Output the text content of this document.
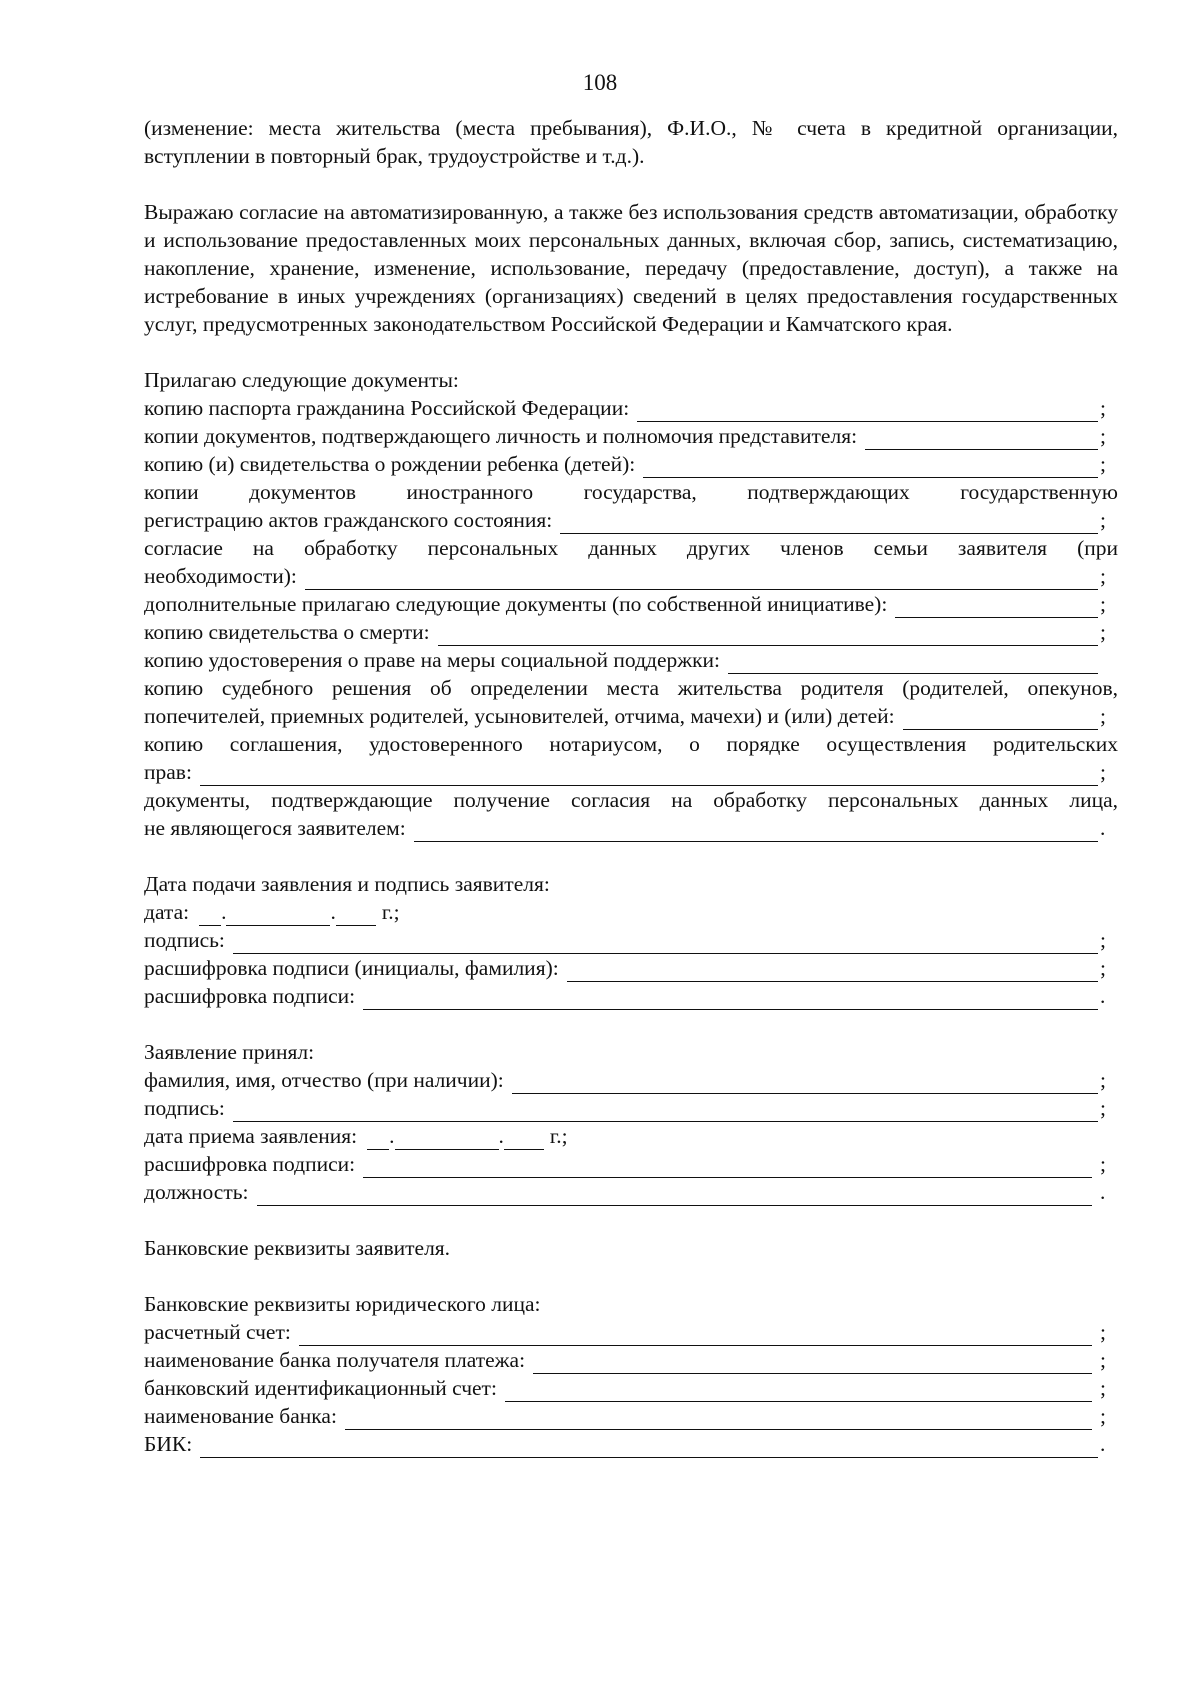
108

(изменение: места жительства (места пребывания), Ф.И.О., № счета в кредитной организации, вступлении в повторный брак, трудоустройстве и т.д.).

Выражаю согласие на автоматизированную, а также без использования средств автоматизации, обработку и использование предоставленных моих персональных данных, включая сбор, запись, систематизацию, накопление, хранение, изменение, использование, передачу (предоставление, доступ), а также на истребование в иных учреждениях (организациях) сведений в целях предоставления государственных услуг, предусмотренных законодательством Российской Федерации и Камчатского края.

Прилагаю следующие документы:

копию паспорта гражданина Российской Федерации:	;
копии документов, подтверждающего личность и полномочия представителя:	;
копию (и) свидетельства о рождении ребенка (детей):	;

копии документов иностранного государства, подтверждающих государственную

регистрацию актов гражданского состояния:	;

согласие на обработку персональных данных других членов семьи заявителя (при

необходимости):	;
дополнительные прилагаю следующие документы (по собственной инициативе):	;
копию свидетельства о смерти:	;
копию удостоверения о праве на меры социальной поддержки:

копию судебного решения об определении места жительства родителя (родителей, опекунов,

попечителей, приемных родителей, усыновителей, отчима, мачехи) и (или) детей:	;

копию соглашения, удостоверенного нотариусом, о порядке осуществления родительских

прав:	;

документы, подтверждающие получение согласия на обработку персональных данных лица,

не являющегося заявителем:	.

Дата подачи заявления и подпись заявителя:

дата: .	. г.;
подпись:	;
расшифровка подписи (инициалы, фамилия):	;
расшифровка подписи:	.

Заявление принял:

фамилия, имя, отчество (при наличии):	;
подпись:	;
дата приема заявления: .	. г.;
расшифровка подписи:	;
должность:	.

Банковские реквизиты заявителя.

Банковские реквизиты юридического лица:

расчетный счет:	;
наименование банка получателя платежа:	;
банковский идентификационный счет:	;
наименование банка:	;
БИК:	.
